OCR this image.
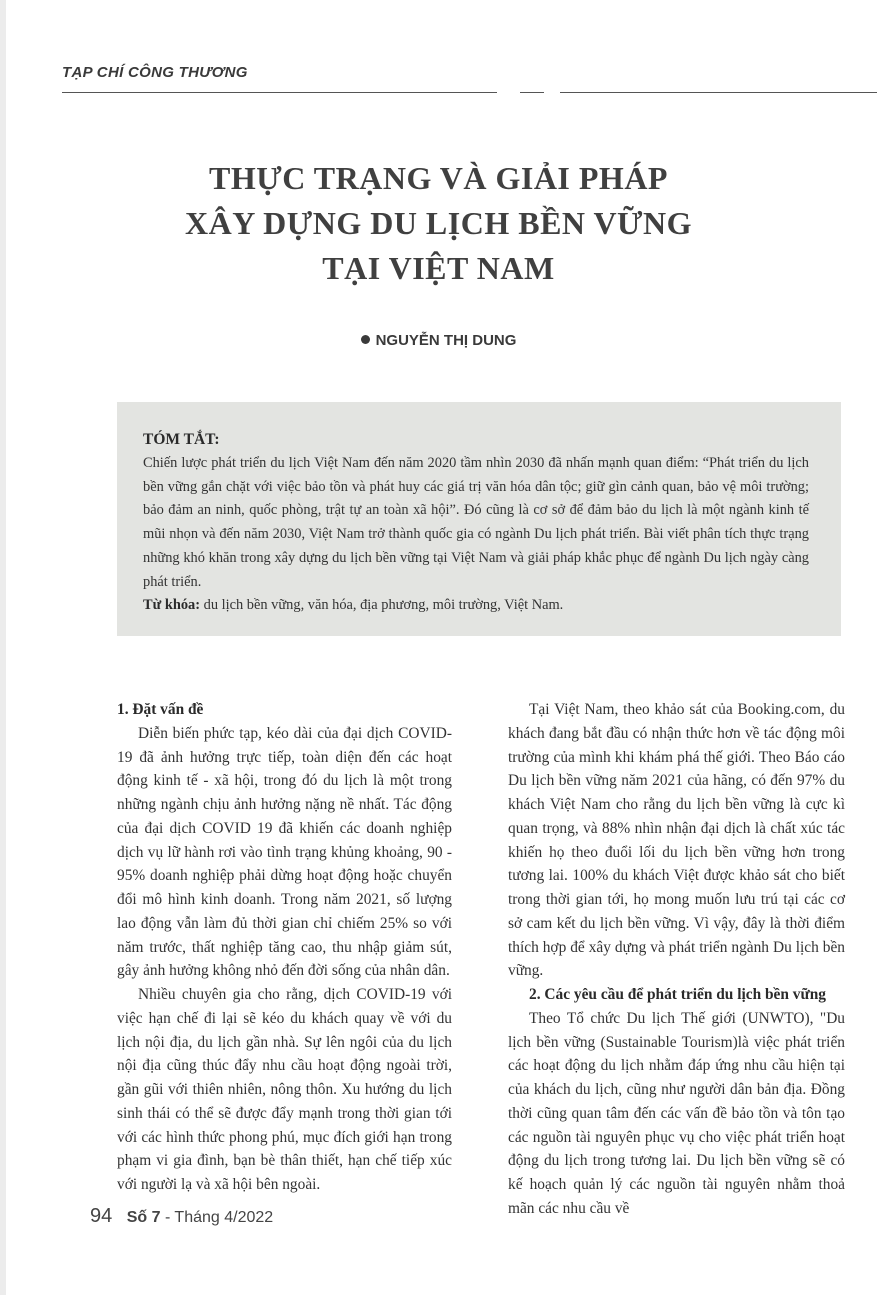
TẠP CHÍ CÔNG THƯƠNG
THỰC TRẠNG VÀ GIẢI PHÁP
XÂY DỰNG DU LỊCH BỀN VỮNG
TẠI VIỆT NAM
NGUYỄN THỊ DUNG
TÓM TẮT:

Chiến lược phát triển du lịch Việt Nam đến năm 2020 tầm nhìn 2030 đã nhấn mạnh quan điểm: “Phát triển du lịch bền vững gắn chặt với việc bảo tồn và phát huy các giá trị văn hóa dân tộc; giữ gìn cảnh quan, bảo vệ môi trường; bảo đảm an ninh, quốc phòng, trật tự an toàn xã hội”. Đó cũng là cơ sở để đảm bảo du lịch là một ngành kinh tế mũi nhọn và đến năm 2030, Việt Nam trở thành quốc gia có ngành Du lịch phát triển. Bài viết phân tích thực trạng những khó khăn trong xây dựng du lịch bền vững tại Việt Nam và giải pháp khắc phục để ngành Du lịch ngày càng phát triển.

Từ khóa: du lịch bền vững, văn hóa, địa phương, môi trường, Việt Nam.
1. Đặt vấn đề

Diễn biến phức tạp, kéo dài của đại dịch COVID-19 đã ảnh hưởng trực tiếp, toàn diện đến các hoạt động kinh tế - xã hội, trong đó du lịch là một trong những ngành chịu ảnh hưởng nặng nề nhất. Tác động của đại dịch COVID 19 đã khiến các doanh nghiệp dịch vụ lữ hành rơi vào tình trạng khủng khoảng, 90 - 95% doanh nghiệp phải dừng hoạt động hoặc chuyển đổi mô hình kinh doanh. Trong năm 2021, số lượng lao động vẫn làm đủ thời gian chỉ chiếm 25% so với năm trước, thất nghiệp tăng cao, thu nhập giảm sút, gây ảnh hưởng không nhỏ đến đời sống của nhân dân.

Nhiều chuyên gia cho rằng, dịch COVID-19 với việc hạn chế đi lại sẽ kéo du khách quay về với du lịch nội địa, du lịch gần nhà. Sự lên ngôi của du lịch nội địa cũng thúc đẩy nhu cầu hoạt động ngoài trời, gần gũi với thiên nhiên, nông thôn. Xu hướng du lịch sinh thái có thể sẽ được đẩy mạnh trong thời gian tới với các hình thức phong phú, mục đích giới hạn trong phạm vi gia đình, bạn bè thân thiết, hạn chế tiếp xúc với người lạ và xã hội bên ngoài.

Tại Việt Nam, theo khảo sát của Booking.com, du khách đang bắt đầu có nhận thức hơn về tác động môi trường của mình khi khám phá thế giới. Theo Báo cáo Du lịch bền vững năm 2021 của hãng, có đến 97% du khách Việt Nam cho rằng du lịch bền vững là cực kì quan trọng, và 88% nhìn nhận đại dịch là chất xúc tác khiến họ theo đuổi lối du lịch bền vững hơn trong tương lai. 100% du khách Việt được khảo sát cho biết trong thời gian tới, họ mong muốn lưu trú tại các cơ sở cam kết du lịch bền vững. Vì vậy, đây là thời điểm thích hợp để xây dựng và phát triển ngành Du lịch bền vững.

2. Các yêu cầu để phát triển du lịch bền vững

Theo Tổ chức Du lịch Thế giới (UNWTO), "Du lịch bền vững (Sustainable Tourism)là việc phát triển các hoạt động du lịch nhằm đáp ứng nhu cầu hiện tại của khách du lịch, cũng như người dân bản địa. Đồng thời cũng quan tâm đến các vấn đề bảo tồn và tôn tạo các nguồn tài nguyên phục vụ cho việc phát triển hoạt động du lịch trong tương lai. Du lịch bền vững sẽ có kế hoạch quản lý các nguồn tài nguyên nhằm thoả mãn các nhu cầu về

94 Số 7 - Tháng 4/2022
